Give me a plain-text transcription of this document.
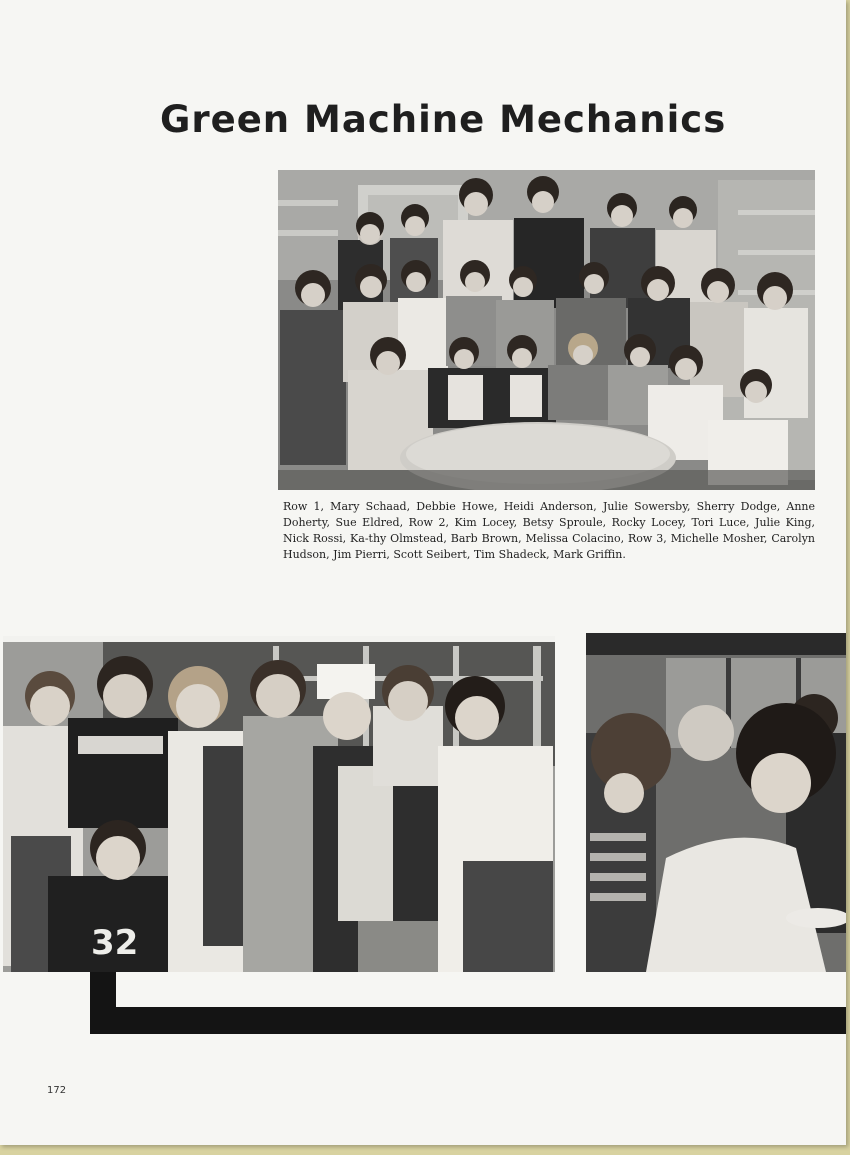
Green Machine Mechanics
Row 1, Mary Schaad, Debbie Howe, Heidi Anderson, Julie Sowersby, Sherry Dodge, Anne Doherty, Sue Eldred, Row 2, Kim Locey, Betsy Sproule, Rocky Locey, Tori Luce, Julie King, Nick Rossi, Ka-thy Olmstead, Barb Brown, Melissa Colacino, Row 3, Michelle Mosher, Carolyn Hudson, Jim Pierri, Scott Seibert, Tim Shadeck, Mark Griffin.
32
172
